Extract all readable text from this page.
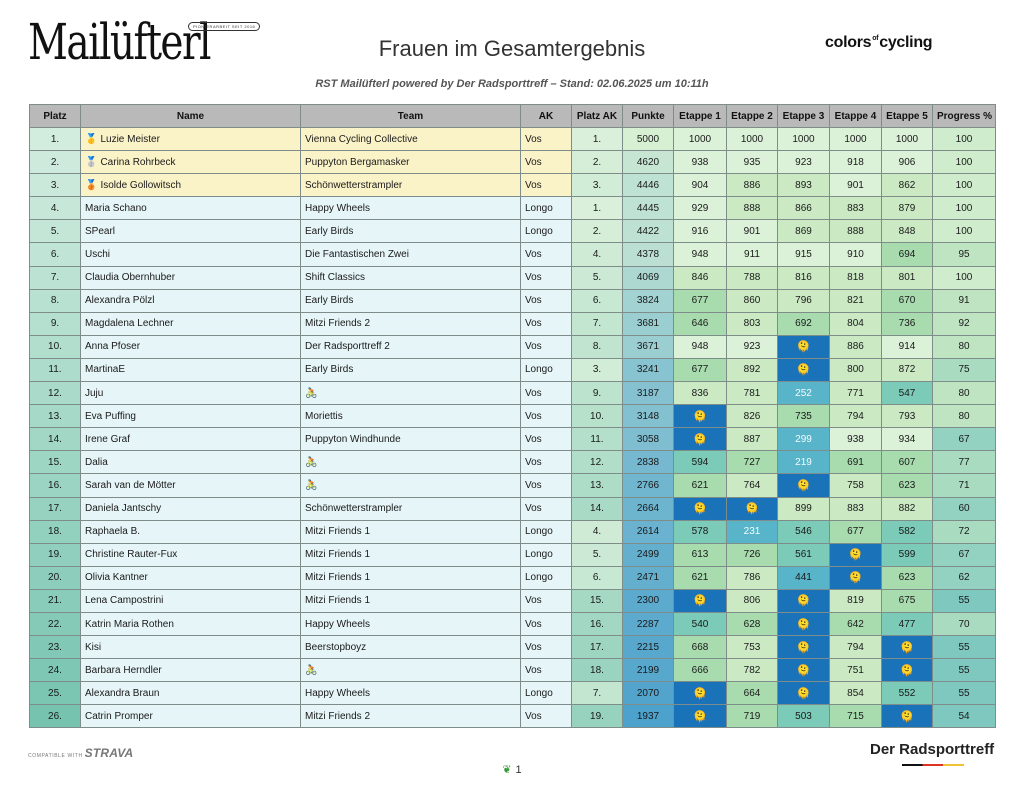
Mailüfterl
PIONIERARBEIT SEIT 2016
Frauen im Gesamtergebnis
RST Mailüfterl powered by Der Radsporttreff – Stand: 02.06.2025 um 10:11h
colors$^{of}$cycling
Platz	Name	Team	AK	Platz AK	Punkte	Etappe 1	Etappe 2	Etappe 3	Etappe 4	Etappe 5	Progress %
1.	🥇 Luzie Meister	Vienna Cycling Collective	Vos	1.	5000	1000	1000	1000	1000	1000	100
2.	🥈 Carina Rohrbeck	Puppyton Bergamasker	Vos	2.	4620	938	935	923	918	906	100
3.	🥉 Isolde Gollowitsch	Schönwetterstrampler	Vos	3.	4446	904	886	893	901	862	100
4.	Maria Schano	Happy Wheels	Longo	1.	4445	929	888	866	883	879	100
5.	SPearl	Early Birds	Longo	2.	4422	916	901	869	888	848	100
6.	Uschi	Die Fantastischen Zwei	Vos	4.	4378	948	911	915	910	694	95
7.	Claudia Obernhuber	Shift Classics	Vos	5.	4069	846	788	816	818	801	100
8.	Alexandra Pölzl	Early Birds	Vos	6.	3824	677	860	796	821	670	91
9.	Magdalena Lechner	Mitzi Friends 2	Vos	7.	3681	646	803	692	804	736	92
10.	Anna Pfoser	Der Radsporttreff 2	Vos	8.	3671	948	923	🫠	886	914	80
11.	MartinaE	Early Birds	Longo	3.	3241	677	892	🫠	800	872	75
12.	Juju	🚴	Vos	9.	3187	836	781	252	771	547	80
13.	Eva Puffing	Moriettis	Vos	10.	3148	🫠	826	735	794	793	80
14.	Irene Graf	Puppyton Windhunde	Vos	11.	3058	🫠	887	299	938	934	67
15.	Dalia	🚴	Vos	12.	2838	594	727	219	691	607	77
16.	Sarah van de Mötter	🚴	Vos	13.	2766	621	764	🫠	758	623	71
17.	Daniela Jantschy	Schönwetterstrampler	Vos	14.	2664	🫠	🫠	899	883	882	60
18.	Raphaela B.	Mitzi Friends 1	Longo	4.	2614	578	231	546	677	582	72
19.	Christine Rauter-Fux	Mitzi Friends 1	Longo	5.	2499	613	726	561	🫠	599	67
20.	Olivia Kantner	Mitzi Friends 1	Longo	6.	2471	621	786	441	🫠	623	62
21.	Lena Campostrini	Mitzi Friends 1	Vos	15.	2300	🫠	806	🫠	819	675	55
22.	Katrin Maria Rothen	Happy Wheels	Vos	16.	2287	540	628	🫠	642	477	70
23.	Kisi	Beerstopboyz	Vos	17.	2215	668	753	🫠	794	🫠	55
24.	Barbara Herndler	🚴	Vos	18.	2199	666	782	🫠	751	🫠	55
25.	Alexandra Braun	Happy Wheels	Longo	7.	2070	🫠	664	🫠	854	552	55
26.	Catrin Promper	Mitzi Friends 2	Vos	19.	1937	🫠	719	503	715	🫠	54
COMPATIBLE WITH STRAVA	Der Radsporttreff
❦ 1
